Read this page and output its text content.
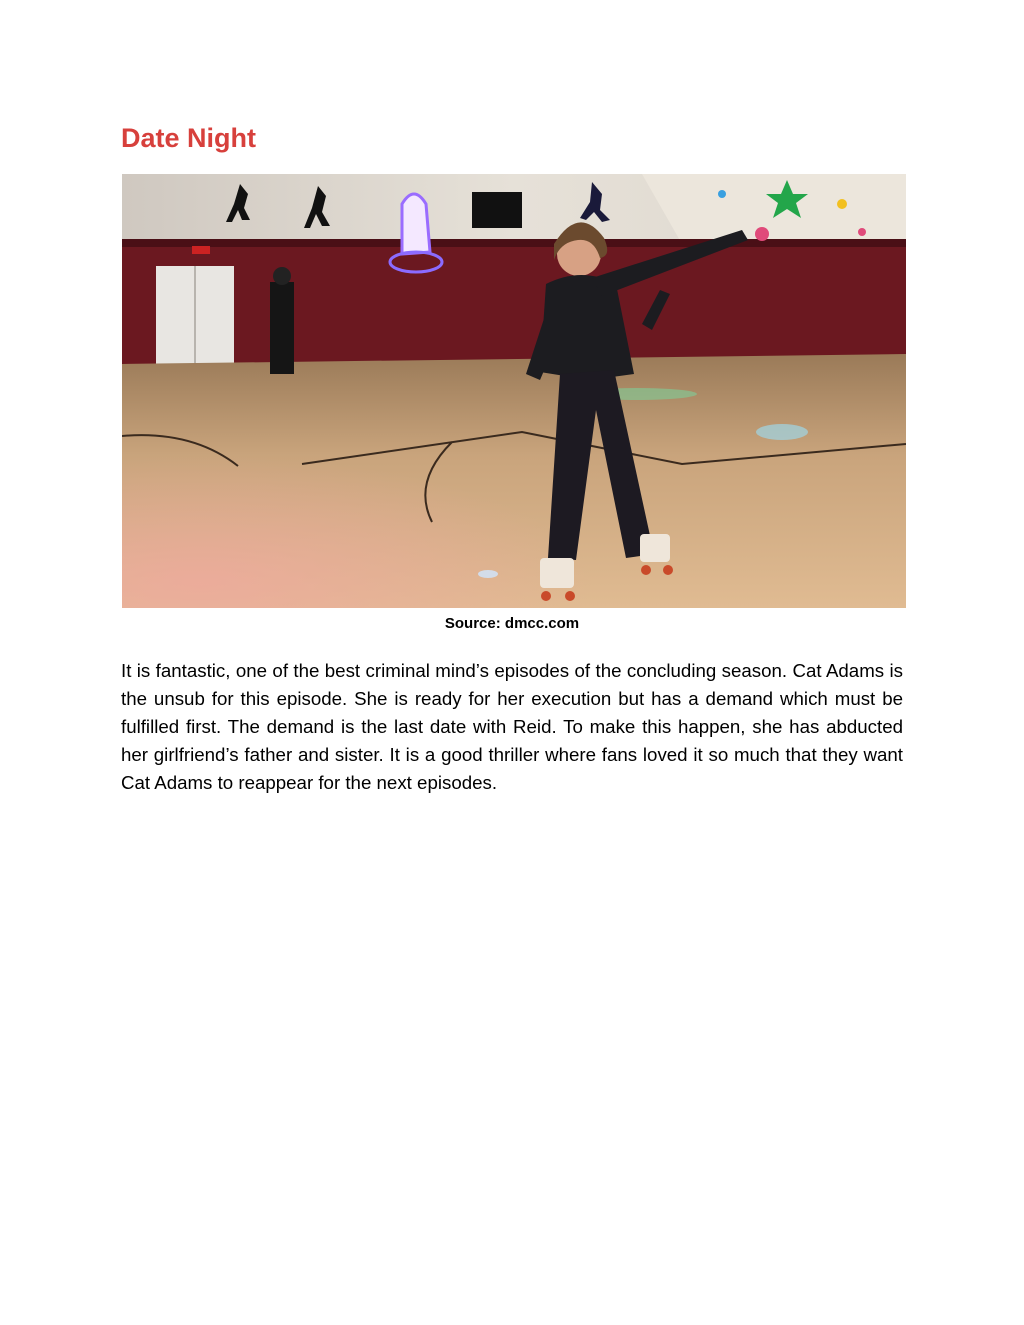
Date Night
Source: dmcc.com

It is fantastic, one of the best criminal mind’s episodes of the concluding season. Cat Adams is the unsub for this episode. She is ready for her execution but has a demand which must be fulfilled first. The demand is the last date with Reid. To make this happen, she has abducted her girlfriend’s father and sister. It is a good thriller where fans loved it so much that they want Cat Adams to reappear for the next episodes.
